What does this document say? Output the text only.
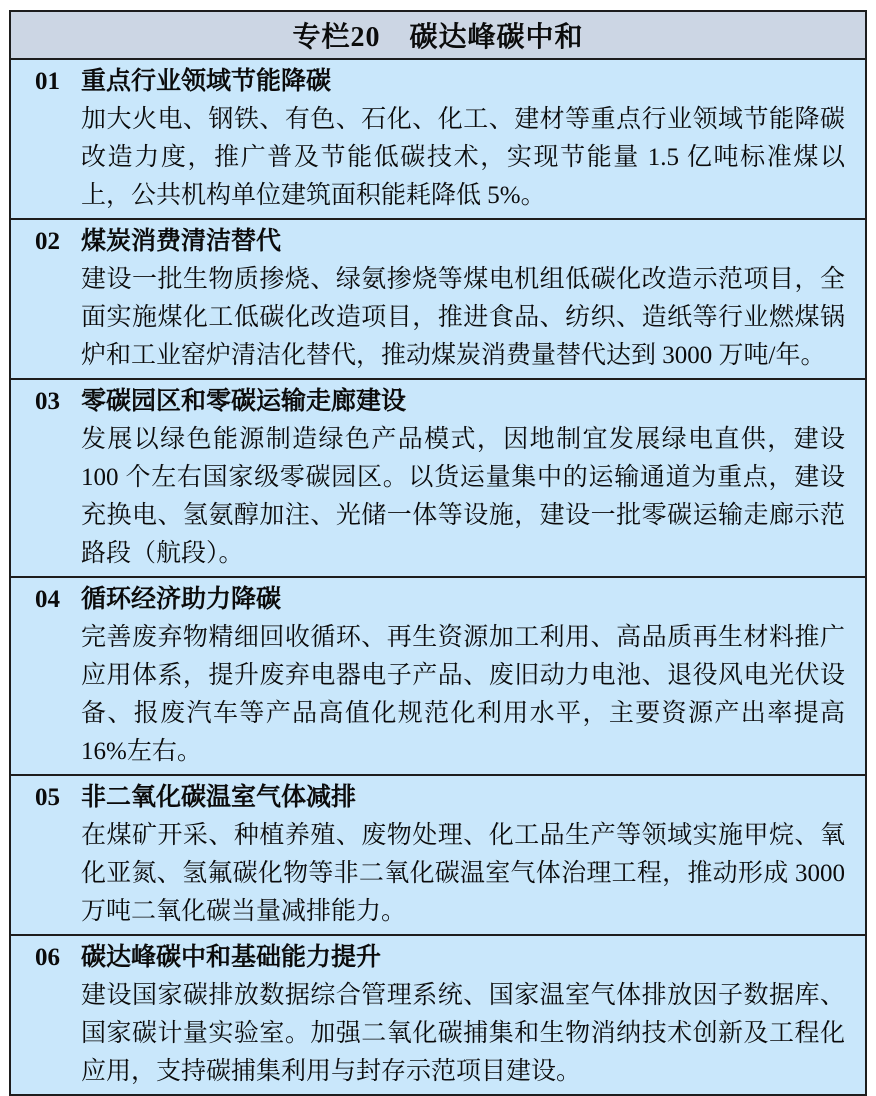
专栏20　碳达峰碳中和
01 重点行业领域节能降碳
加大火电、钢铁、有色、石化、化工、建材等重点行业领域节能降碳改造力度，推广普及节能低碳技术，实现节能量 1.5 亿吨标准煤以上，公共机构单位建筑面积能耗降低 5%。
02 煤炭消费清洁替代
建设一批生物质掺烧、绿氨掺烧等煤电机组低碳化改造示范项目，全面实施煤化工低碳化改造项目，推进食品、纺织、造纸等行业燃煤锅炉和工业窑炉清洁化替代，推动煤炭消费量替代达到 3000 万吨/年。
03 零碳园区和零碳运输走廊建设
发展以绿色能源制造绿色产品模式，因地制宜发展绿电直供，建设 100 个左右国家级零碳园区。以货运量集中的运输通道为重点，建设充换电、氢氨醇加注、光储一体等设施，建设一批零碳运输走廊示范路段（航段）。
04 循环经济助力降碳
完善废弃物精细回收循环、再生资源加工利用、高品质再生材料推广应用体系，提升废弃电器电子产品、废旧动力电池、退役风电光伏设备、报废汽车等产品高值化规范化利用水平，主要资源产出率提高 16%左右。
05 非二氧化碳温室气体减排
在煤矿开采、种植养殖、废物处理、化工品生产等领域实施甲烷、氧化亚氮、氢氟碳化物等非二氧化碳温室气体治理工程，推动形成 3000 万吨二氧化碳当量减排能力。
06 碳达峰碳中和基础能力提升
建设国家碳排放数据综合管理系统、国家温室气体排放因子数据库、国家碳计量实验室。加强二氧化碳捕集和生物消纳技术创新及工程化应用，支持碳捕集利用与封存示范项目建设。
